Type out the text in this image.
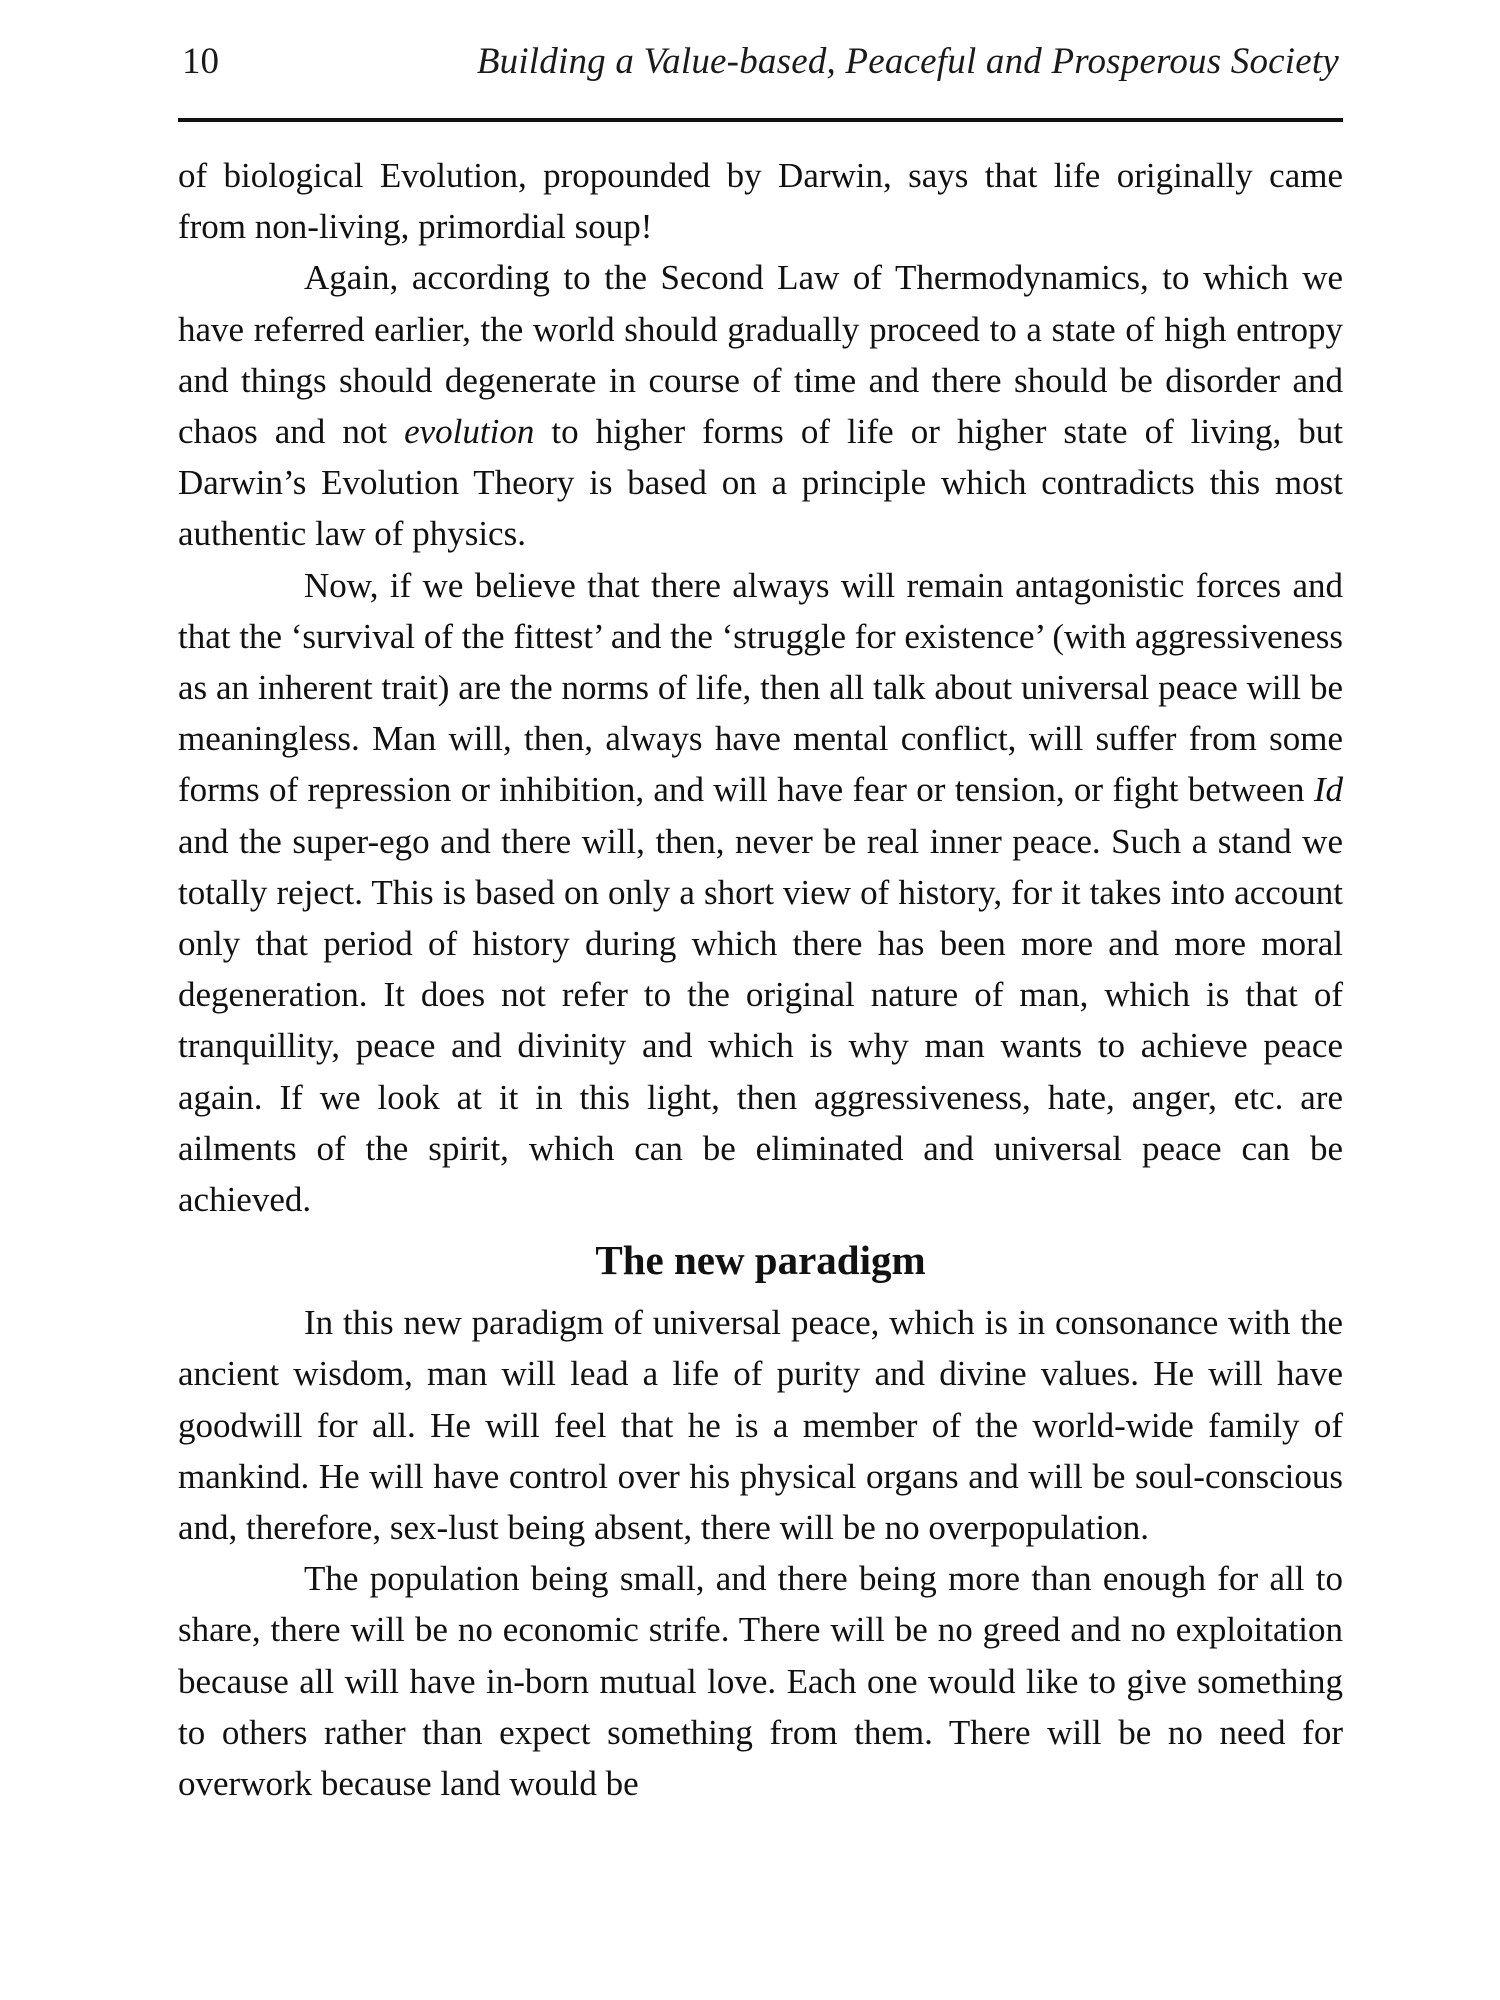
10	Building a Value-based, Peaceful and Prosperous Society

of biological Evolution, propounded by Darwin, says that life originally came from non-living, primordial soup!

Again, according to the Second Law of Thermodynamics, to which we have referred earlier, the world should gradually proceed to a state of high entropy and things should degenerate in course of time and there should be disorder and chaos and not evolution to higher forms of life or higher state of living, but Darwin’s Evolution Theory is based on a principle which contradicts this most authentic law of physics.

Now, if we believe that there always will remain antagonistic forces and that the ‘survival of the fittest’ and the ‘struggle for existence’ (with aggressiveness as an inherent trait) are the norms of life, then all talk about universal peace will be meaningless. Man will, then, always have mental conflict, will suffer from some forms of repression or inhibition, and will have fear or tension, or fight between Id and the super-ego and there will, then, never be real inner peace. Such a stand we totally reject. This is based on only a short view of history, for it takes into account only that period of history during which there has been more and more moral degeneration. It does not refer to the original nature of man, which is that of tranquillity, peace and divinity and which is why man wants to achieve peace again. If we look at it in this light, then aggressiveness, hate, anger, etc. are ailments of the spirit, which can be eliminated and universal peace can be achieved.

The new paradigm

In this new paradigm of universal peace, which is in consonance with the ancient wisdom, man will lead a life of purity and divine values. He will have goodwill for all. He will feel that he is a member of the world-wide family of mankind. He will have control over his physical organs and will be soul-conscious and, therefore, sex-lust being absent, there will be no overpopulation.

The population being small, and there being more than enough for all to share, there will be no economic strife. There will be no greed and no exploitation because all will have in-born mutual love. Each one would like to give something to others rather than expect something from them. There will be no need for overwork because land would be
